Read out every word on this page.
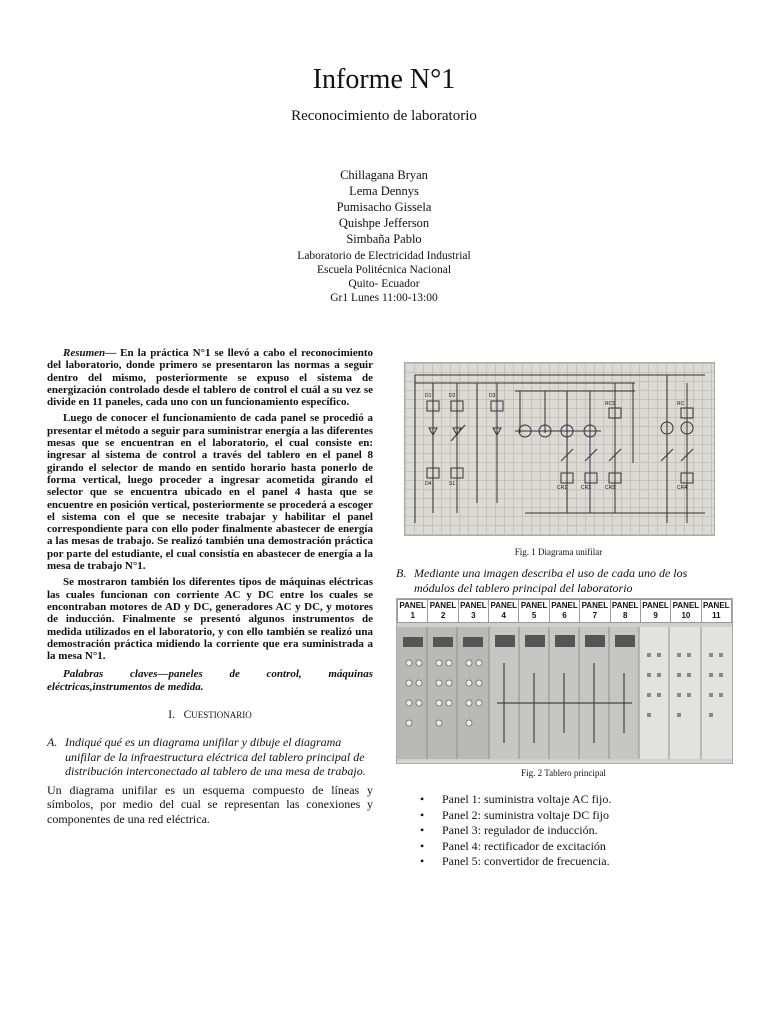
Informe N°1
Reconocimiento de laboratorio
Chillagana Bryan
Lema Dennys
Pumisacho Gissela
Quishpe Jefferson
Simbaña Pablo
Laboratorio de Electricidad Industrial
Escuela Politécnica Nacional
Quito- Ecuador
Gr1 Lunes 11:00-13:00

Resumen— En la práctica N°1 se llevó a cabo el reconocimiento del laboratorio, donde primero se presentaron las normas a seguir dentro del mismo, posteriormente se expuso el sistema de energización controlado desde el tablero de control el cuál a su vez se divide en 11 paneles, cada uno con un funcionamiento específico.

Luego de conocer el funcionamiento de cada panel se procedió a presentar el método a seguir para suministrar energía a las diferentes mesas que se encuentran en el laboratorio, el cual consiste en: ingresar al sistema de control a través del tablero en el panel 8 girando el selector de mando en sentido horario hasta ponerlo de forma vertical, luego proceder a ingresar acometida girando el selector que se encuentra ubicado en el panel 4 hasta que se encuentre en posición vertical, posteriormente se procederá a escoger el sistema con el que se necesite trabajar y habilitar el panel correspondiente para con ello poder finalmente abastecer de energía a las mesas de trabajo. Se realizó también una demostración práctica por parte del estudiante, el cual consistía en abastecer de energía a la mesa de trabajo N°1.

Se mostraron también los diferentes tipos de máquinas eléctricas las cuales funcionan con corriente AC y DC entre los cuales se encontraban motores de AD y DC, generadores AC y DC, y motores de inducción. Finalmente se presentó algunos instrumentos de medida utilizados en el laboratorio, y con ello también se realizó una demostración práctica midiendo la corriente que era suministrada a la mesa N°1.

Palabras claves—paneles de control, máquinas eléctricas,instrumentos de medida.

I. CUESTIONARIO
A. Indiqué qué es un diagrama unifilar y dibuje el diagrama unifilar de la infraestructura eléctrica del tablero principal de distribución interconectado al tablero de una mesa de trabajo.

Un diagrama unifilar es un esquema compuesto de líneas y símbolos, por medio del cual se representan las conexiones y componentes de una red eléctrica.

D1	D2	D3
D4	S1
RCS	RC
CR1	CR2	CR3	CR4
Fig. 1 Diagrama unifilar
B. Mediante una imagen describa el uso de cada uno de los módulos del tablero principal del laboratorio
PANEL
1	PANEL
2	PANEL
3	PANEL
4	PANEL
5	PANEL
6	PANEL
7	PANEL
8	PANEL
9	PANEL
10	PANEL
11
Fig. 2 Tablero principal
• Panel 1: suministra voltaje AC fijo.
• Panel 2: suministra voltaje DC fijo
• Panel 3: regulador de inducción.
• Panel 4: rectificador de excitación
• Panel 5: convertidor de frecuencia.
